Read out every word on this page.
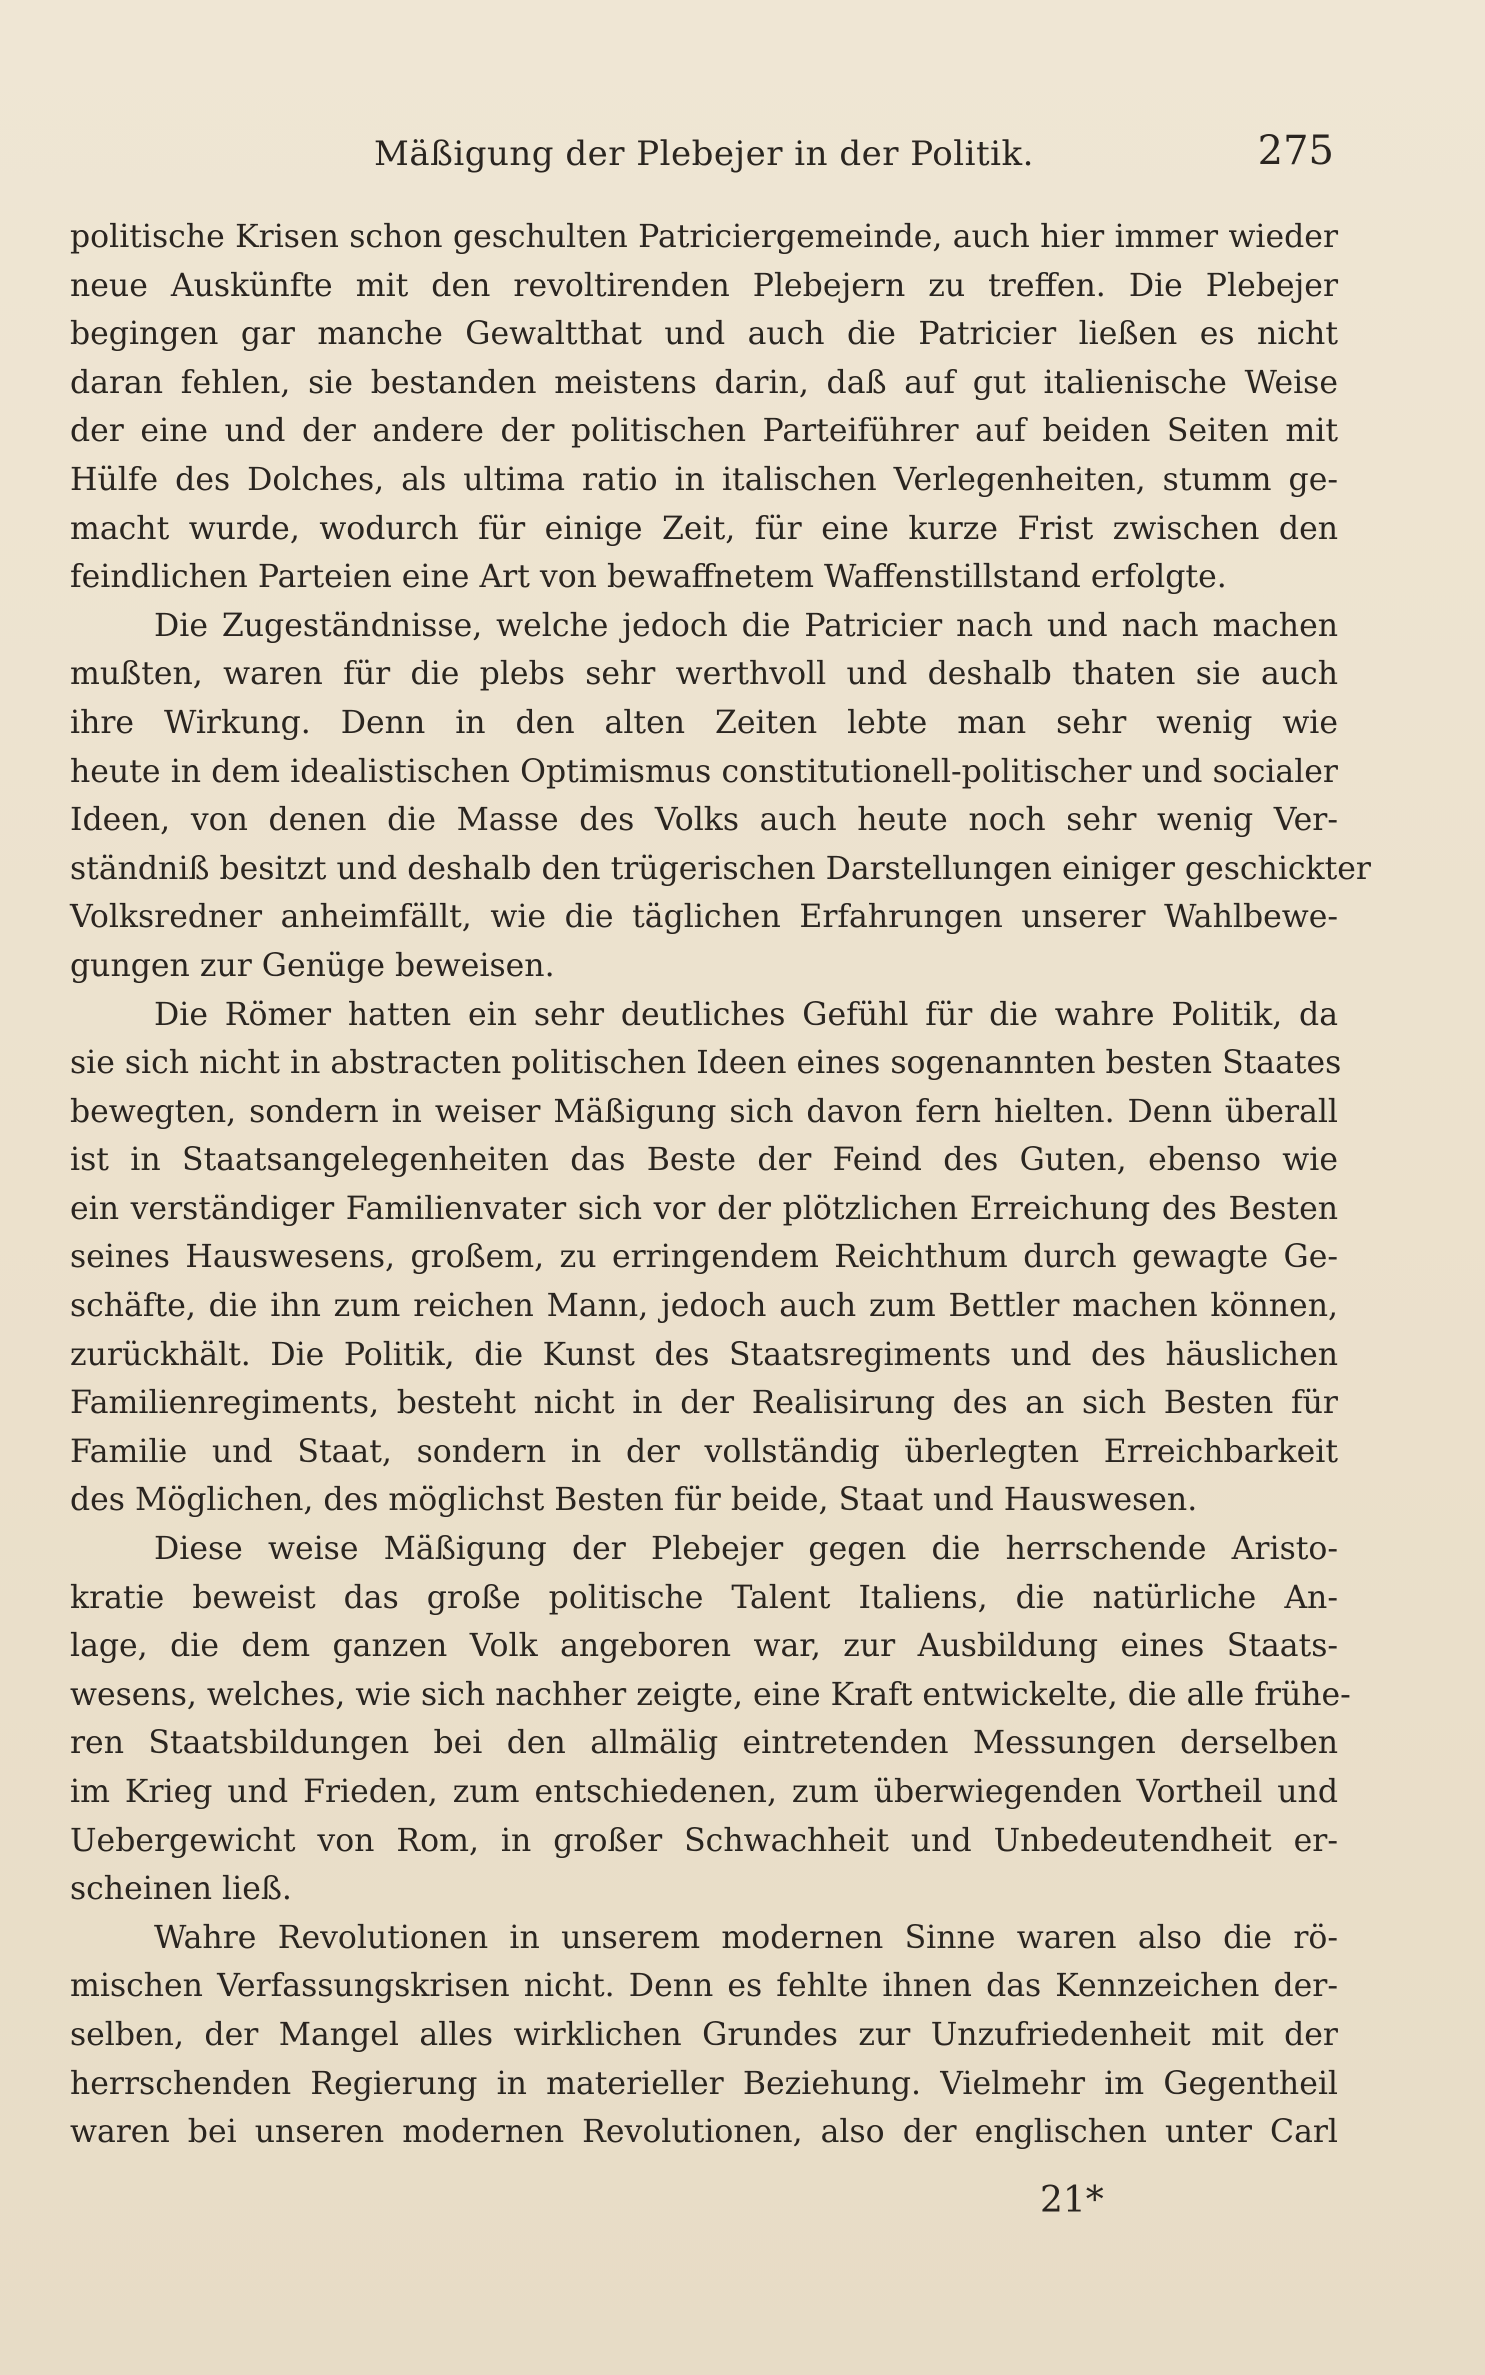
Mäßigung der Plebejer in der Politik.	275
politische Krisen schon geschulten Patriciergemeinde, auch hier immer wieder
neue Auskünfte mit den revoltirenden Plebejern zu treffen. Die Plebejer
begingen gar manche Gewaltthat und auch die Patricier ließen es nicht
daran fehlen, sie bestanden meistens darin, daß auf gut italienische Weise
der eine und der andere der politischen Parteiführer auf beiden Seiten mit
Hülfe des Dolches, als ultima ratio in italischen Verlegenheiten, stumm ge-
macht wurde, wodurch für einige Zeit, für eine kurze Frist zwischen den
feindlichen Parteien eine Art von bewaffnetem Waffenstillstand erfolgte.
Die Zugeständnisse, welche jedoch die Patricier nach und nach machen
mußten, waren für die plebs sehr werthvoll und deshalb thaten sie auch
ihre Wirkung. Denn in den alten Zeiten lebte man sehr wenig wie
heute in dem idealistischen Optimismus constitutionell-politischer und socialer
Ideen, von denen die Masse des Volks auch heute noch sehr wenig Ver-
ständniß besitzt und deshalb den trügerischen Darstellungen einiger geschickter
Volksredner anheimfällt, wie die täglichen Erfahrungen unserer Wahlbewe-
gungen zur Genüge beweisen.
Die Römer hatten ein sehr deutliches Gefühl für die wahre Politik, da
sie sich nicht in abstracten politischen Ideen eines sogenannten besten Staates
bewegten, sondern in weiser Mäßigung sich davon fern hielten. Denn überall
ist in Staatsangelegenheiten das Beste der Feind des Guten, ebenso wie
ein verständiger Familienvater sich vor der plötzlichen Erreichung des Besten
seines Hauswesens, großem, zu erringendem Reichthum durch gewagte Ge-
schäfte, die ihn zum reichen Mann, jedoch auch zum Bettler machen können,
zurückhält. Die Politik, die Kunst des Staatsregiments und des häuslichen
Familienregiments, besteht nicht in der Realisirung des an sich Besten für
Familie und Staat, sondern in der vollständig überlegten Erreichbarkeit
des Möglichen, des möglichst Besten für beide, Staat und Hauswesen.
Diese weise Mäßigung der Plebejer gegen die herrschende Aristo-
kratie beweist das große politische Talent Italiens, die natürliche An-
lage, die dem ganzen Volk angeboren war, zur Ausbildung eines Staats-
wesens, welches, wie sich nachher zeigte, eine Kraft entwickelte, die alle frühe-
ren Staatsbildungen bei den allmälig eintretenden Messungen derselben
im Krieg und Frieden, zum entschiedenen, zum überwiegenden Vortheil und
Uebergewicht von Rom, in großer Schwachheit und Unbedeutendheit er-
scheinen ließ.
Wahre Revolutionen in unserem modernen Sinne waren also die rö-
mischen Verfassungskrisen nicht. Denn es fehlte ihnen das Kennzeichen der-
selben, der Mangel alles wirklichen Grundes zur Unzufriedenheit mit der
herrschenden Regierung in materieller Beziehung. Vielmehr im Gegentheil
waren bei unseren modernen Revolutionen, also der englischen unter Carl
21*
